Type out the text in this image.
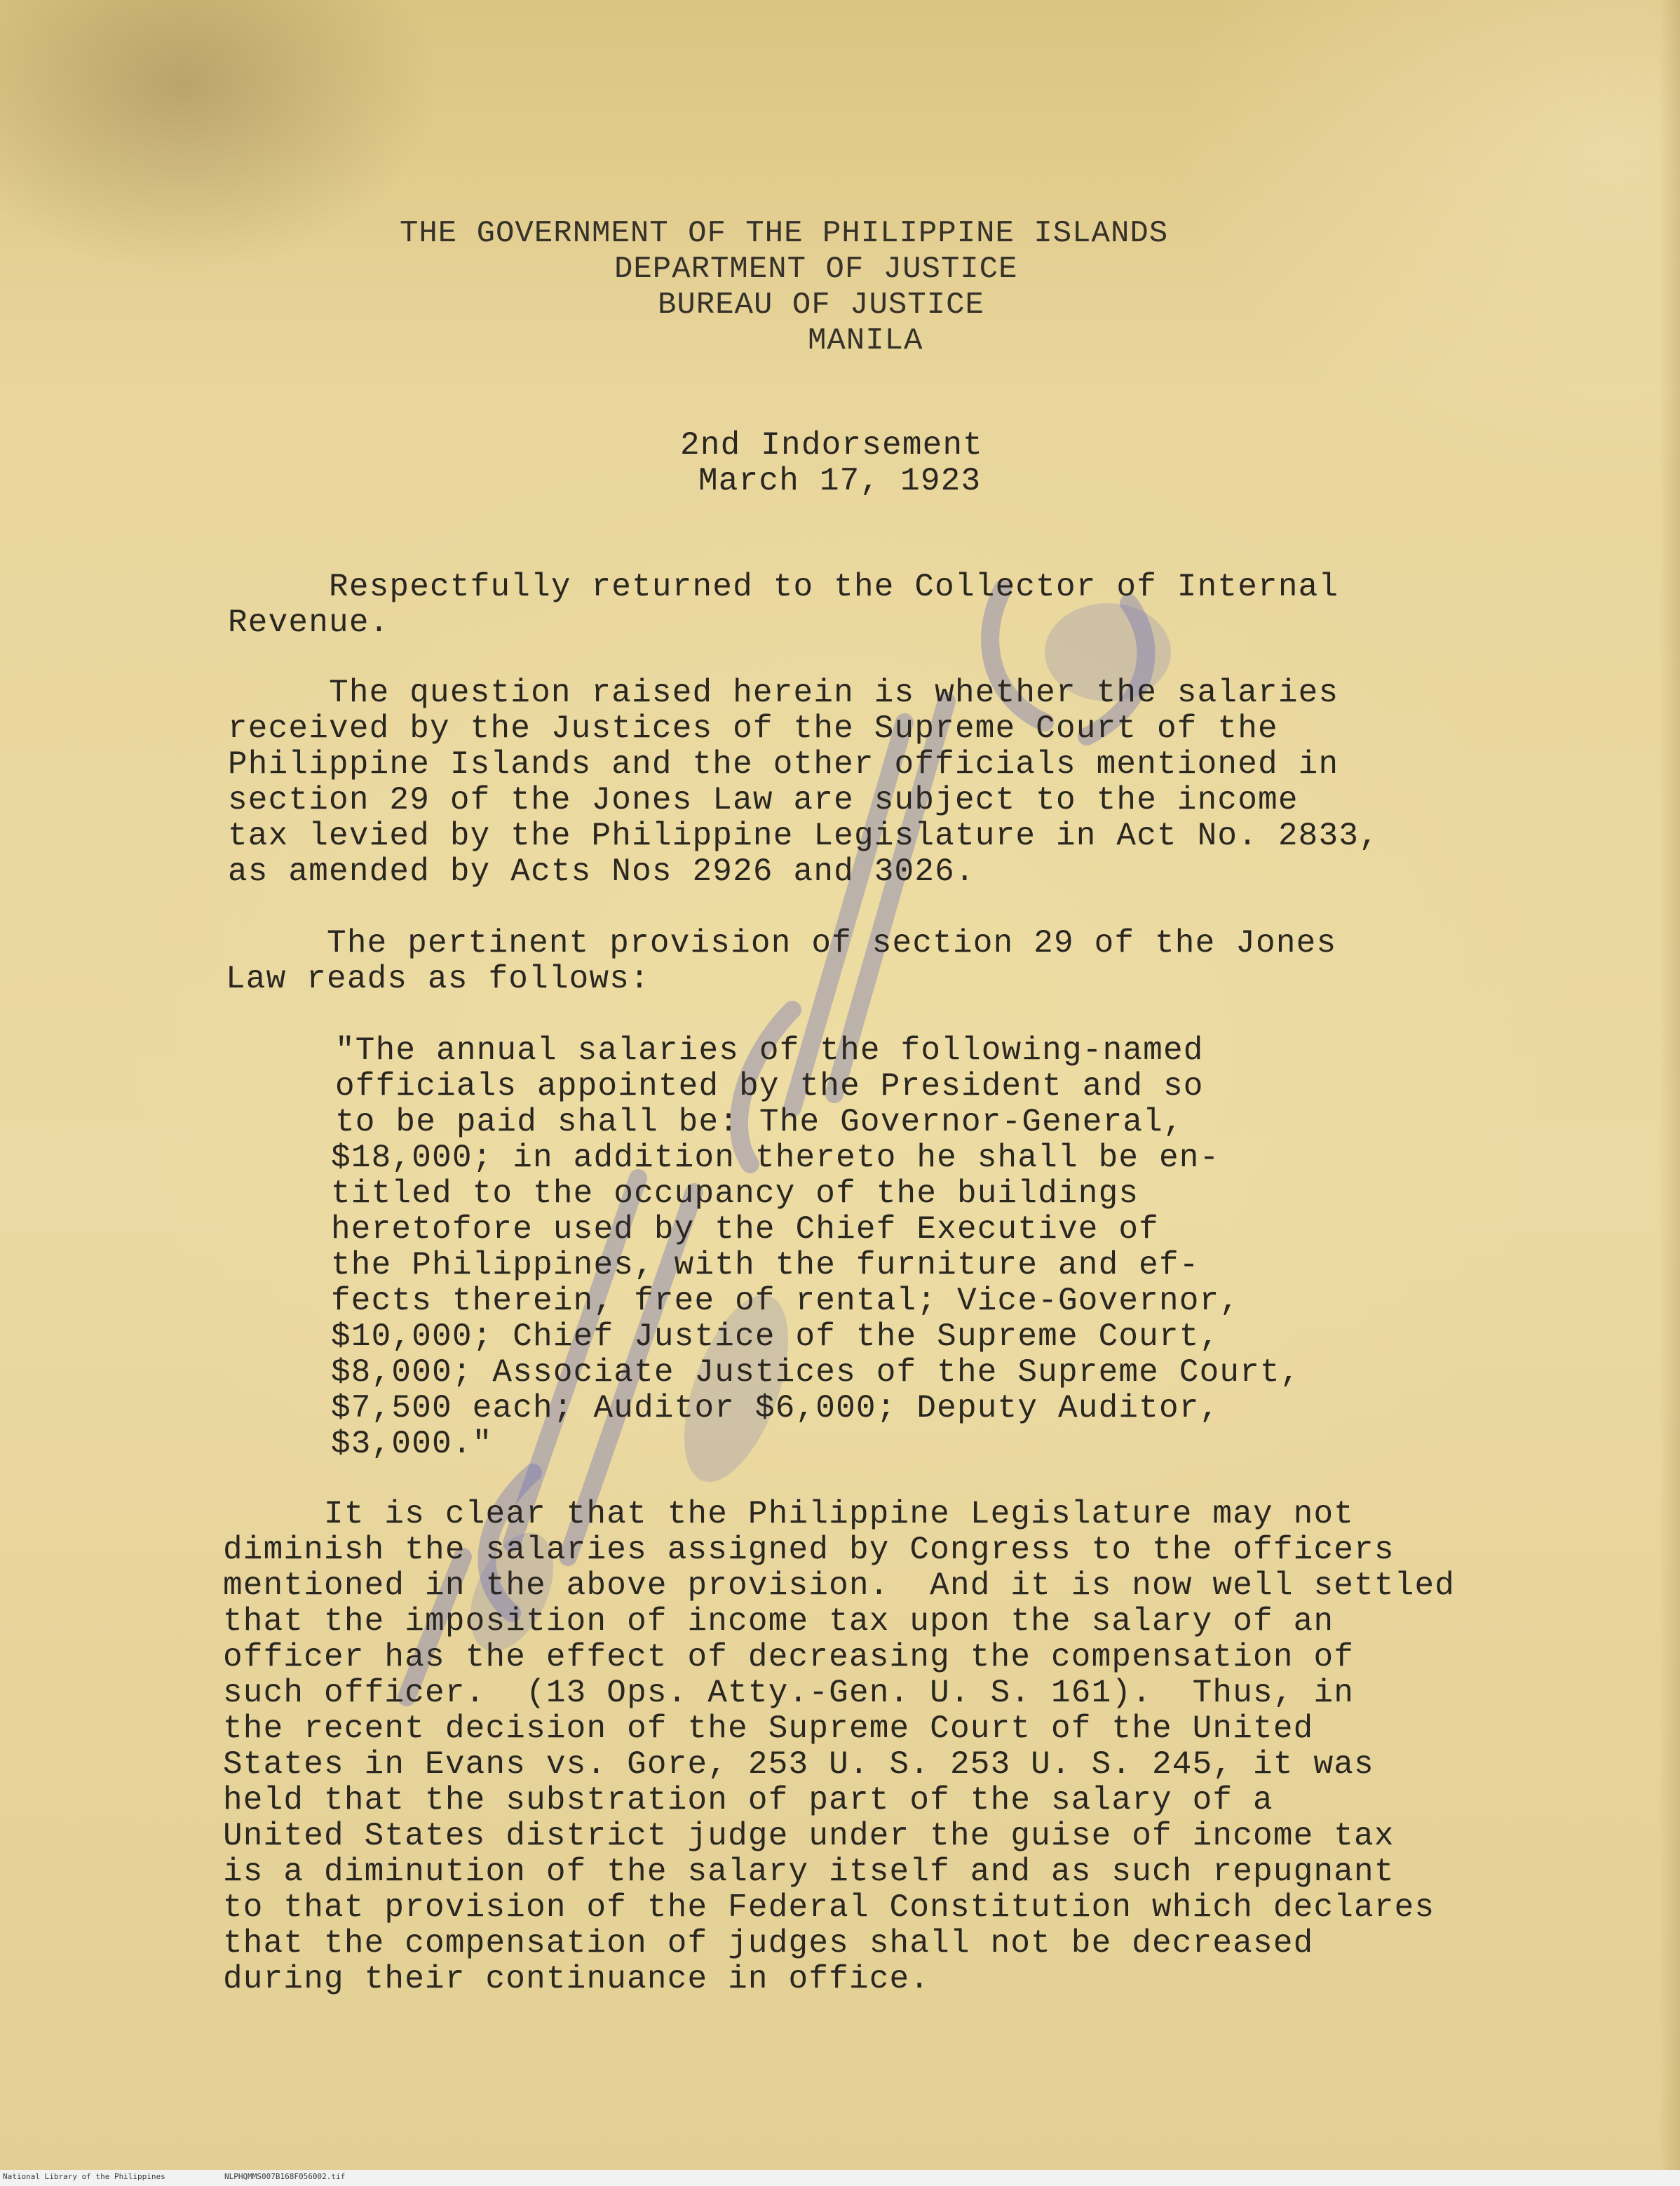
THE GOVERNMENT OF THE PHILIPPINE ISLANDS
DEPARTMENT OF JUSTICE
BUREAU OF JUSTICE
MANILA
2nd Indorsement
March 17, 1923
Respectfully returned to the Collector of Internal
Revenue.
The question raised herein is whether the salaries
received by the Justices of the Supreme Court of the
Philippine Islands and the other officials mentioned in
section 29 of the Jones Law are subject to the income
tax levied by the Philippine Legislature in Act No. 2833,
as amended by Acts Nos 2926 and 3026.
The pertinent provision of section 29 of the Jones
Law reads as follows:
"The annual salaries of the following-named
officials appointed by the President and so
to be paid shall be: The Governor-General,
$18,000; in addition thereto he shall be en-
titled to the occupancy of the buildings
heretofore used by the Chief Executive of
the Philippines, with the furniture and ef-
fects therein, free of rental; Vice-Governor,
$10,000; Chief Justice of the Supreme Court,
$8,000; Associate Justices of the Supreme Court,
$7,500 each; Auditor $6,000; Deputy Auditor,
$3,000."
It is clear that the Philippine Legislature may not
diminish the salaries assigned by Congress to the officers
mentioned in the above provision.  And it is now well settled
that the imposition of income tax upon the salary of an
officer has the effect of decreasing the compensation of
such officer.  (13 Ops. Atty.-Gen. U. S. 161).  Thus, in
the recent decision of the Supreme Court of the United
States in Evans vs. Gore, 253 U. S. 253 U. S. 245, it was
held that the substration of part of the salary of a
United States district judge under the guise of income tax
is a diminution of the salary itself and as such repugnant
to that provision of the Federal Constitution which declares
that the compensation of judges shall not be decreased
during their continuance in office.
National Library of the Philippines	NLPHQMMS007B168F056002.tif
